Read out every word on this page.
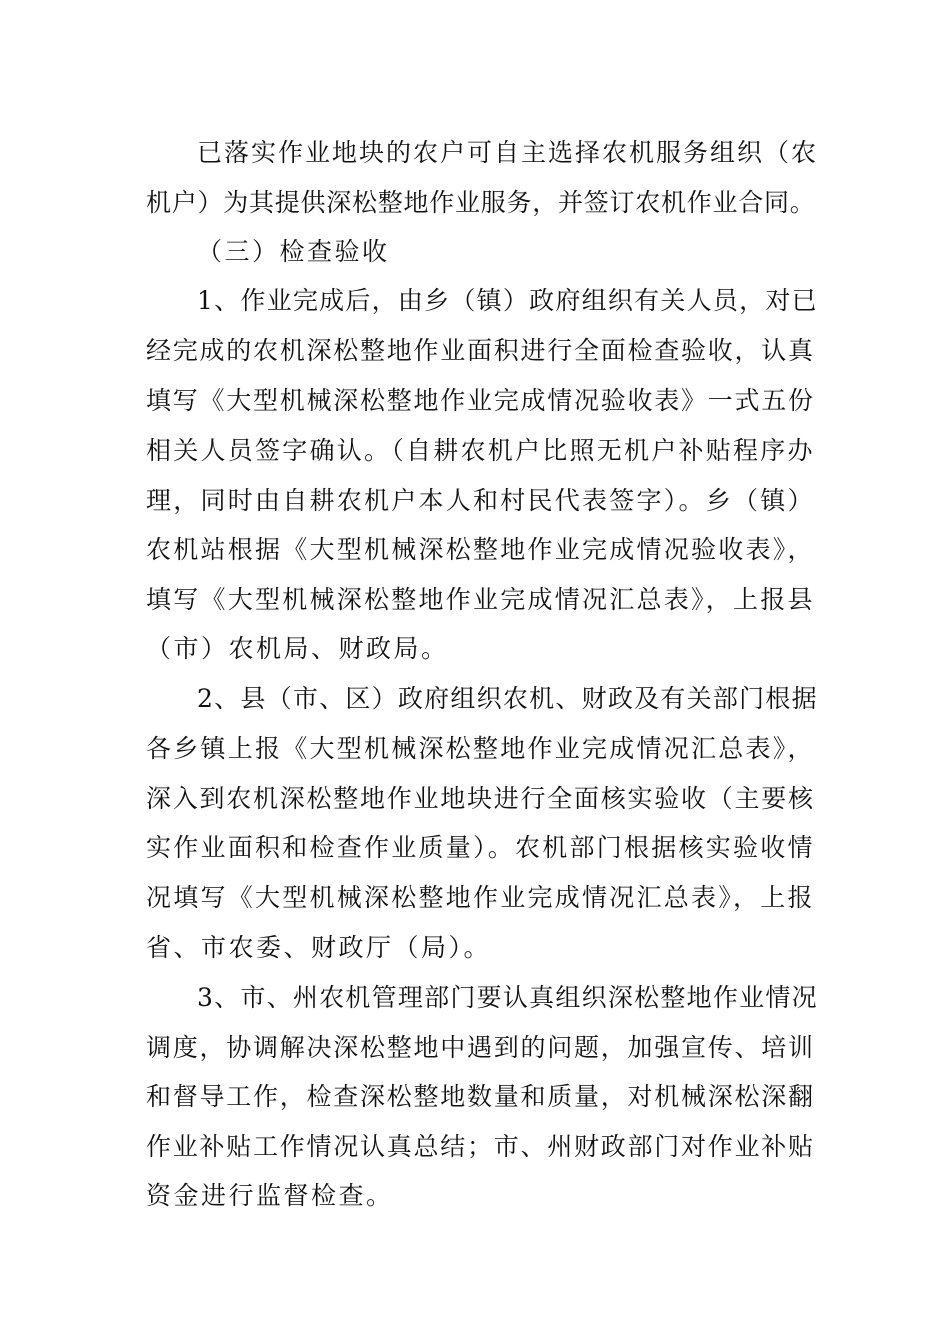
已落实作业地块的农户可自主选择农机服务组织（农
机户）为其提供深松整地作业服务，并签订农机作业合同。
（三）检查验收
1、作业完成后，由乡（镇）政府组织有关人员，对已
经完成的农机深松整地作业面积进行全面检查验收，认真
填写《大型机械深松整地作业完成情况验收表》一式五份
相关人员签字确认。（自耕农机户比照无机户补贴程序办
理，同时由自耕农机户本人和村民代表签字）。乡（镇）
农机站根据《大型机械深松整地作业完成情况验收表》，
填写《大型机械深松整地作业完成情况汇总表》，上报县
（市）农机局、财政局。
2、县（市、区）政府组织农机、财政及有关部门根据
各乡镇上报《大型机械深松整地作业完成情况汇总表》，
深入到农机深松整地作业地块进行全面核实验收（主要核
实作业面积和检查作业质量）。农机部门根据核实验收情
况填写《大型机械深松整地作业完成情况汇总表》，上报
省、市农委、财政厅（局）。
3、市、州农机管理部门要认真组织深松整地作业情况
调度，协调解决深松整地中遇到的问题，加强宣传、培训
和督导工作，检查深松整地数量和质量，对机械深松深翻
作业补贴工作情况认真总结；市、州财政部门对作业补贴
资金进行监督检查。
